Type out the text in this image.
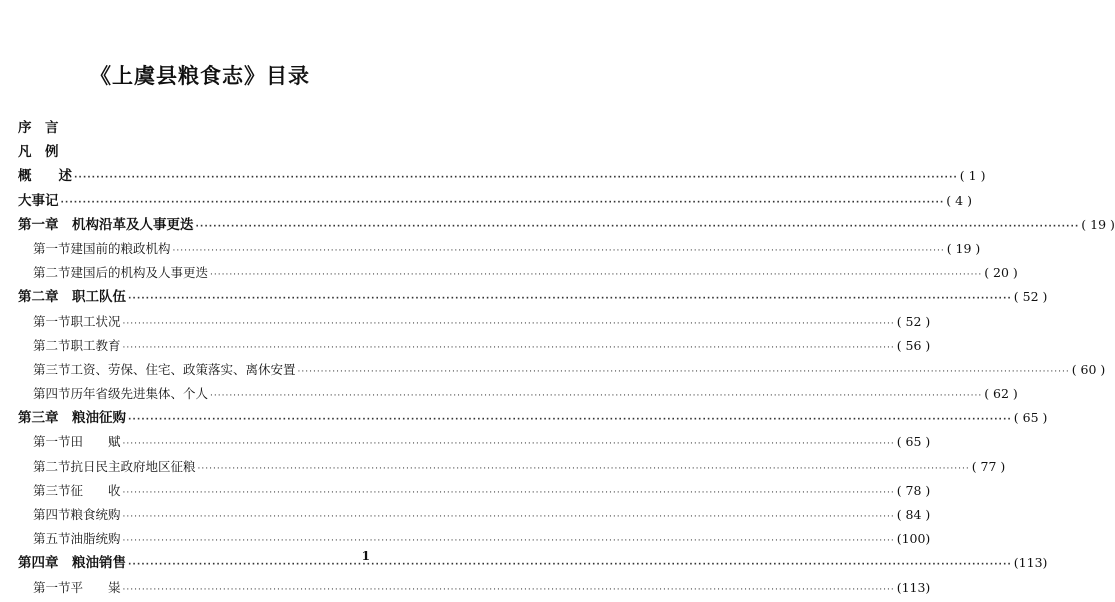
《上虞县粮食志》目录
序　言
凡　例
概　　述 ········································································································································································································ ( 1 )
大事记 ········································································································································································································ ( 4 )
第一章　机构沿革及人事更迭 ········································································································································································································ ( 19 )
第一节建国前的粮政机构 ········································································································································································································ ( 19 )
第二节建国后的机构及人事更迭 ········································································································································································································ ( 20 )
第二章　职工队伍 ········································································································································································································ ( 52 )
第一节职工状况 ········································································································································································································ ( 52 )
第二节职工教育 ········································································································································································································ ( 56 )
第三节工资、劳保、住宅、政策落实、离休安置 ········································································································································································································ ( 60 )
第四节历年省级先进集体、个人 ········································································································································································································ ( 62 )
第三章　粮油征购 ········································································································································································································ ( 65 )
第一节田　　赋 ········································································································································································································ ( 65 )
第二节抗日民主政府地区征粮 ········································································································································································································ ( 77 )
第三节征　　收 ········································································································································································································ ( 78 )
第四节粮食统购 ········································································································································································································ ( 84 )
第五节油脂统购 ········································································································································································································ (100)
第四章　粮油销售 ········································································································································································································ (113)
第一节平　　粜 ········································································································································································································ (113)
1
